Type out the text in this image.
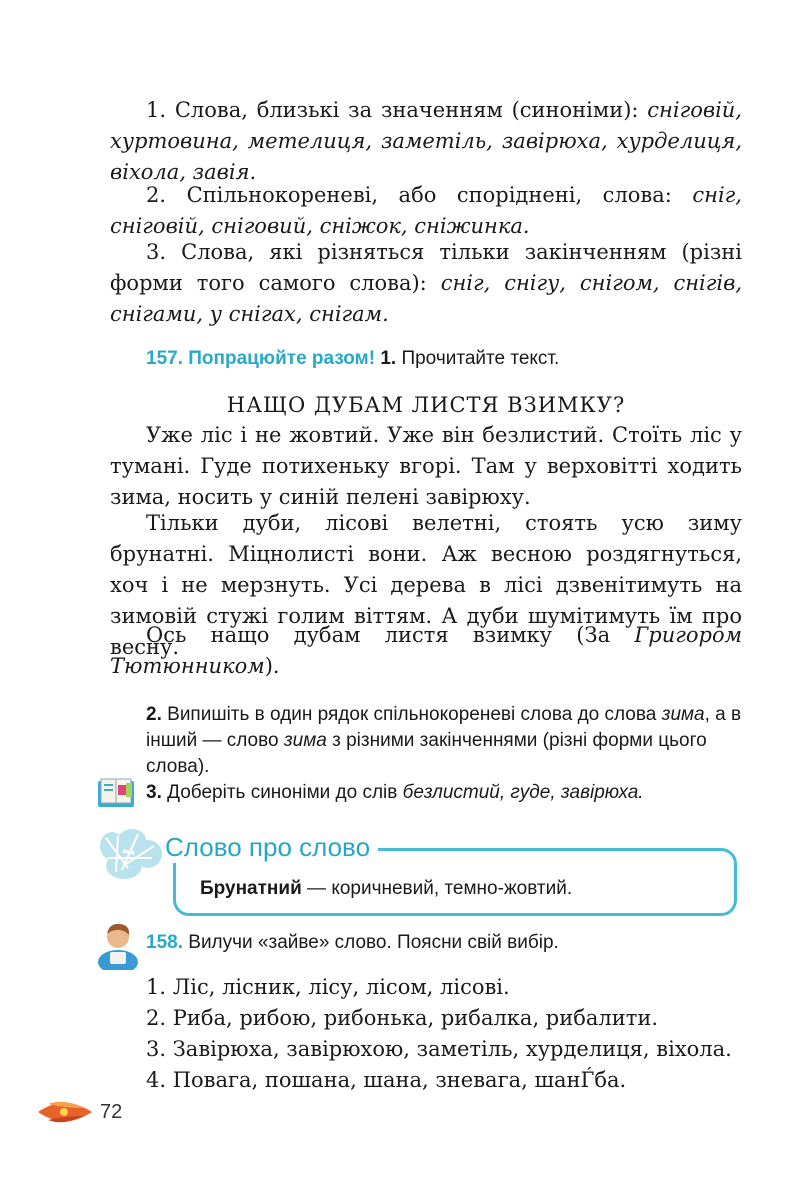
1. Слова, близькі за значенням (синоніми): сніговій, хуртовина, метелиця, заметіль, завірюха, хурделиця, віхола, завія.
2. Спільнокореневі, або споріднені, слова: сніг, сніговій, сніговий, сніжок, сніжинка.
3. Слова, які різняться тільки закінченням (різні форми того самого слова): сніг, снігу, снігом, снігів, снігами, у снігах, снігам.
157. Попрацюйте разом! 1. Прочитайте текст.
НАЩО ДУБАМ ЛИСТЯ ВЗИМКУ?
Уже ліс і не жовтий. Уже він безлистий. Стоїть ліс у тумані. Гуде потихеньку вгорі. Там у верховітті ходить зима, носить у синій пелені завірюху.
Тільки дуби, лісові велетні, стоять усю зиму брунатні. Міцнолисті вони. Аж весною роздягнуться, хоч і не мерзнуть. Усі дерева в лісі дзвенітимуть на зимовій стужі голим віттям. А дуби шумітимуть їм про весну.
Ось нащо дубам листя взимку (За Григором Тютюнником).
2. Випишіть в один рядок спільнокореневі слова до слова зима, а в інший — слово зима з різними закінченнями (різні форми цього слова).
3. Доберіть синоніми до слів безлистий, гуде, завірюха.
Слово про слово
Брунатний — коричневий, темно-жовтий.
158. Вилучи «зайве» слово. Поясни свій вибір.
1. Ліс, лісник, лісу, лісом, лісові.
2. Риба, рибою, рибонька, рибалка, рибалити.
3. Завірюха, завірюхою, заметіль, хурделиця, віхола.
4. Повага, пошана, шана, зневага, шанЃба.
72
